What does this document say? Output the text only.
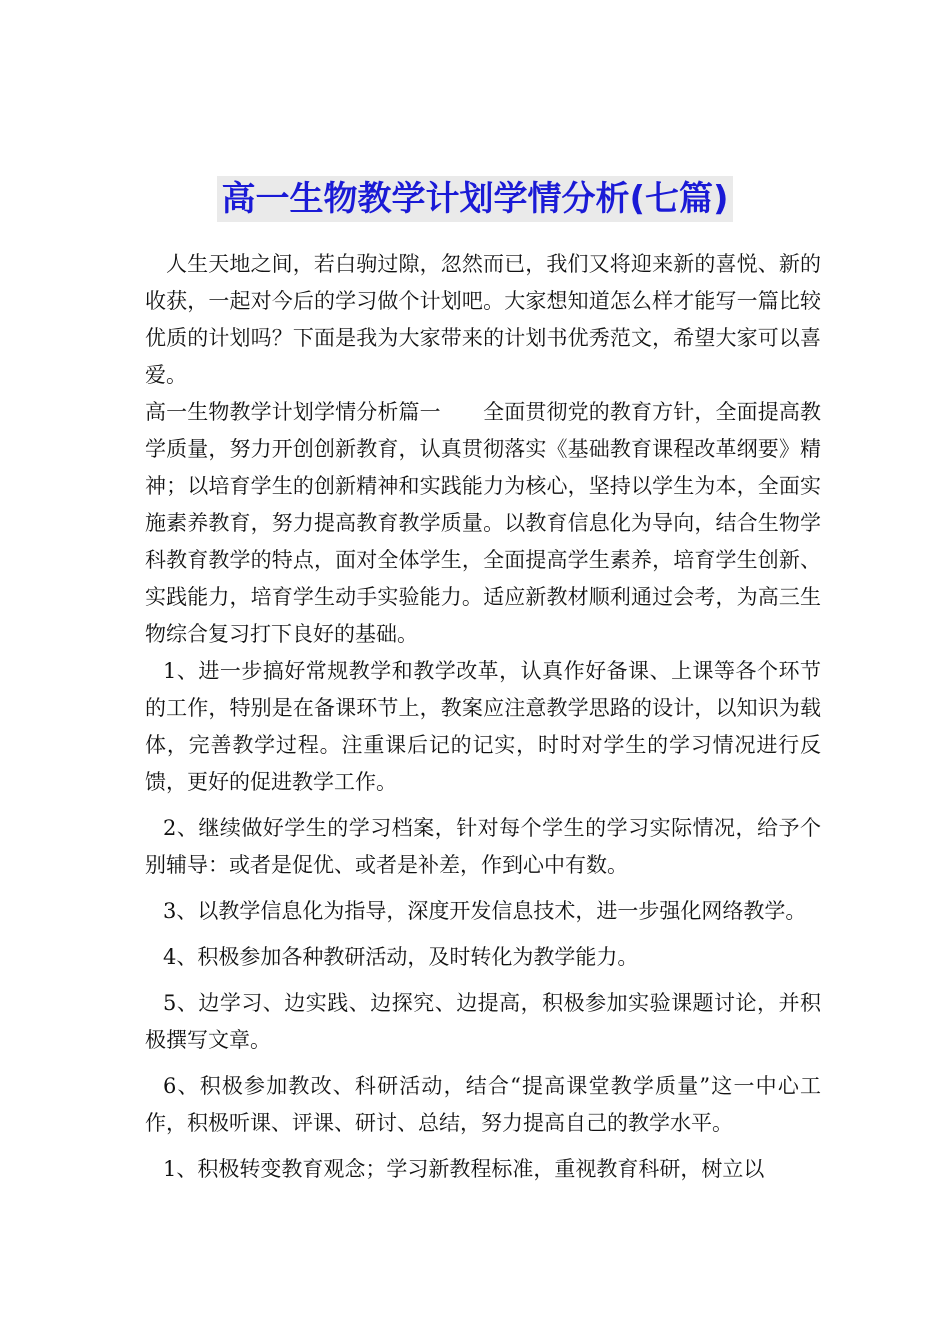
高一生物教学计划学情分析(七篇)

人生天地之间，若白驹过隙，忽然而已，我们又将迎来新的喜悦、新的收获，一起对今后的学习做个计划吧。大家想知道怎么样才能写一篇比较优质的计划吗？下面是我为大家带来的计划书优秀范文，希望大家可以喜爱。

高一生物教学计划学情分析篇一　　全面贯彻党的教育方针，全面提高教学质量，努力开创创新教育，认真贯彻落实《基础教育课程改革纲要》精神；以培育学生的创新精神和实践能力为核心，坚持以学生为本，全面实施素养教育，努力提高教育教学质量。以教育信息化为导向，结合生物学科教育教学的特点，面对全体学生，全面提高学生素养，培育学生创新、实践能力，培育学生动手实验能力。适应新教材顺利通过会考，为高三生物综合复习打下良好的基础。

1、进一步搞好常规教学和教学改革，认真作好备课、上课等各个环节的工作，特别是在备课环节上，教案应注意教学思路的设计，以知识为载体，完善教学过程。注重课后记的记实，时时对学生的学习情况进行反馈，更好的促进教学工作。

2、继续做好学生的学习档案，针对每个学生的学习实际情况，给予个别辅导：或者是促优、或者是补差，作到心中有数。

3、以教学信息化为指导，深度开发信息技术，进一步强化网络教学。

4、积极参加各种教研活动，及时转化为教学能力。

5、边学习、边实践、边探究、边提高，积极参加实验课题讨论，并积极撰写文章。

6、积极参加教改、科研活动，结合“提高课堂教学质量”这一中心工作，积极听课、评课、研讨、总结，努力提高自己的教学水平。

1、积极转变教育观念；学习新教程标准，重视教育科研，树立以
